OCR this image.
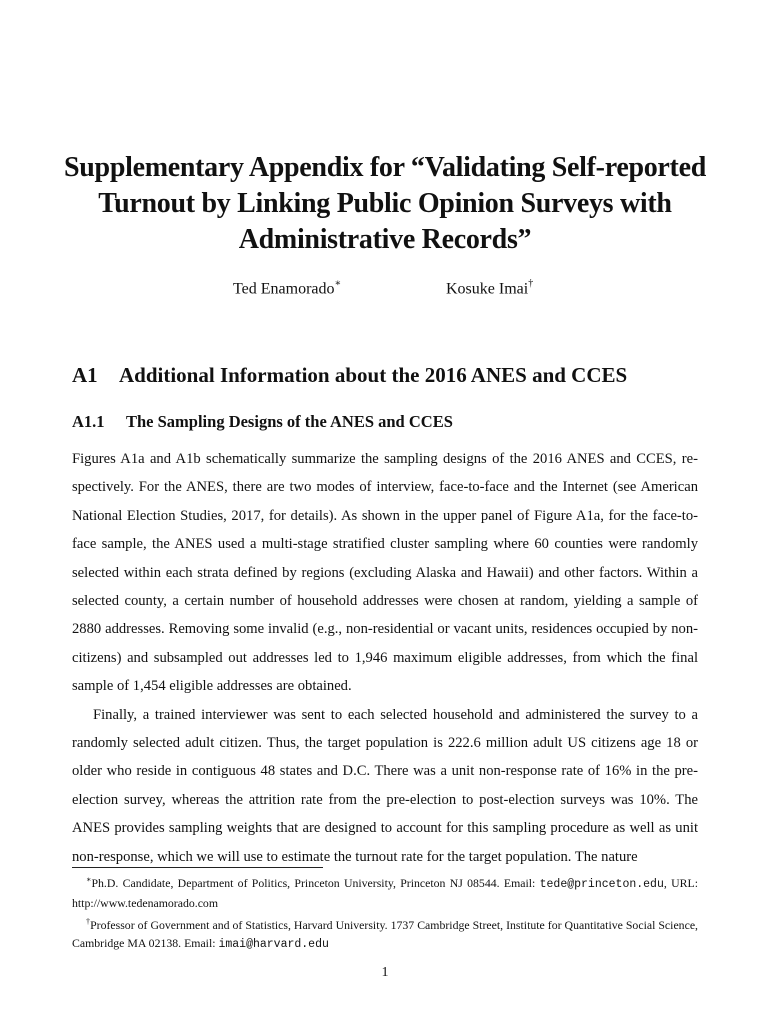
Supplementary Appendix for “Validating Self-reported Turnout by Linking Public Opinion Surveys with Administrative Records”
Ted Enamorado∗	Kosuke Imai†
A1 Additional Information about the 2016 ANES and CCES
A1.1 The Sampling Designs of the ANES and CCES

Figures A1a and A1b schematically summarize the sampling designs of the 2016 ANES and CCES, respectively. For the ANES, there are two modes of interview, face-to-face and the Internet (see American National Election Studies, 2017, for details). As shown in the upper panel of Figure A1a, for the face-to-face sample, the ANES used a multi-stage stratified cluster sampling where 60 counties were randomly selected within each strata defined by regions (excluding Alaska and Hawaii) and other factors. Within a selected county, a certain number of household addresses were chosen at random, yielding a sample of 2880 addresses. Removing some invalid (e.g., non-residential or vacant units, residences occupied by non-citizens) and subsampled out addresses led to 1,946 maximum eligible addresses, from which the final sample of 1,454 eligible addresses are obtained.

Finally, a trained interviewer was sent to each selected household and administered the survey to a randomly selected adult citizen. Thus, the target population is 222.6 million adult US citizens age 18 or older who reside in contiguous 48 states and D.C. There was a unit non-response rate of 16% in the pre-election survey, whereas the attrition rate from the pre-election to post-election surveys was 10%. The ANES provides sampling weights that are designed to account for this sampling procedure as well as unit non-response, which we will use to estimate the turnout rate for the target population. The nature

∗Ph.D. Candidate, Department of Politics, Princeton University, Princeton NJ 08544. Email: tede@princeton.edu, URL: http://www.tedenamorado.com

†Professor of Government and of Statistics, Harvard University. 1737 Cambridge Street, Institute for Quantitative Social Science, Cambridge MA 02138. Email: imai@harvard.edu

1
